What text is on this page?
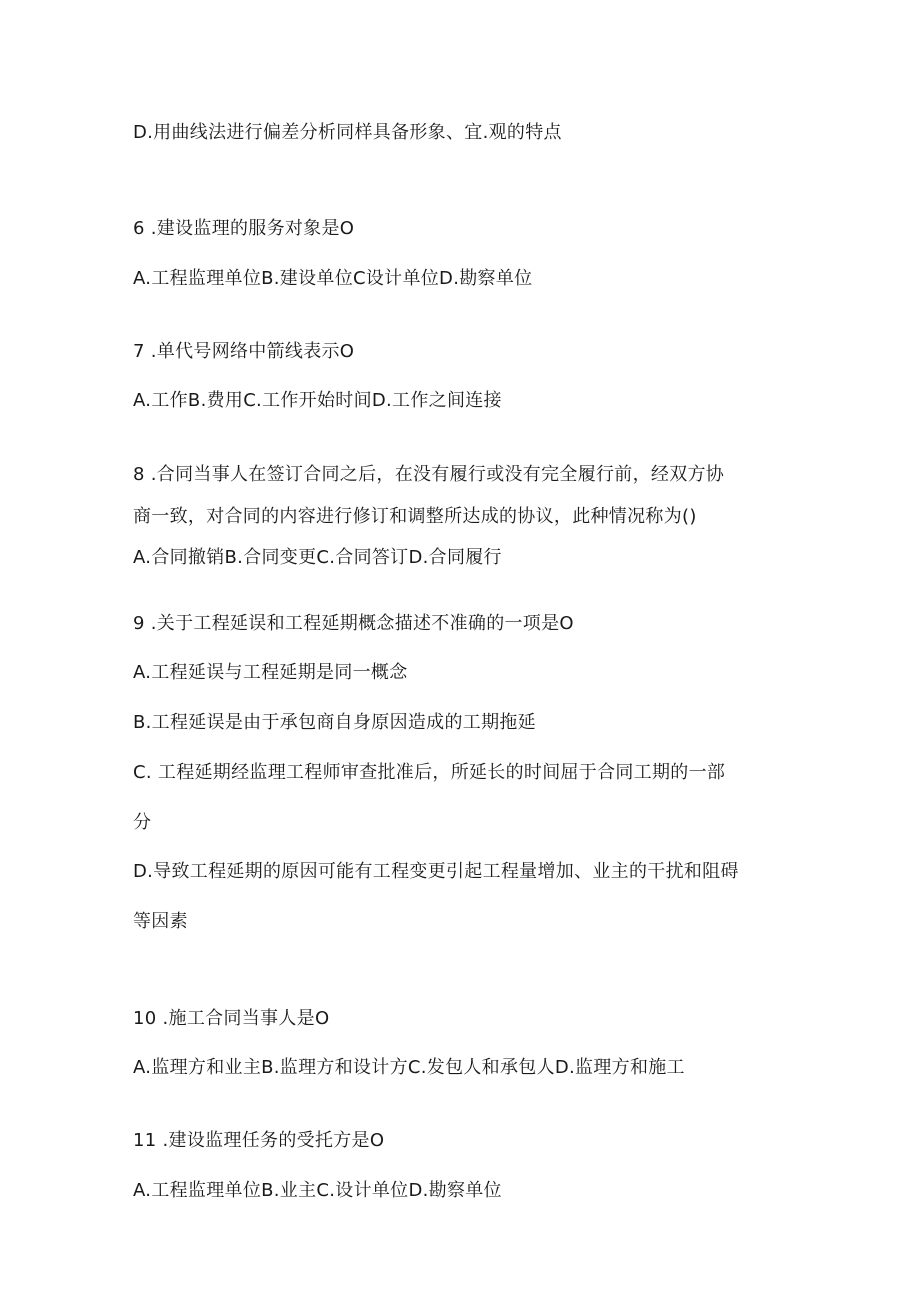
D.用曲线法进行偏差分析同样具备形象、宜.观的特点
6 .建设监理的服务对象是O
A.工程监理单位B.建设单位C设计单位D.勘察单位
7 .单代号网络中箭线表示O
A.工作B.费用C.工作开始时间D.工作之间连接
8 .合同当事人在签订合同之后，在没有履行或没有完全履行前，经双方协
商一致，对合同的内容进行修订和调整所达成的协议，此种情况称为()
A.合同撤销B.合同变更C.合同答订D.合同履行
9 .关于工程延误和工程延期概念描述不准确的一项是O
A.工程延误与工程延期是同一概念
B.工程延误是由于承包商自身原因造成的工期拖延
C. 工程延期经监理工程师审查批准后，所延长的时间屈于合同工期的一部
分
D.导致工程延期的原因可能有工程变更引起工程量增加、业主的干扰和阻碍
等因素
10 .施工合同当事人是O
A.监理方和业主B.监理方和设计方C.发包人和承包人D.监理方和施工
11 .建设监理任务的受托方是O
A.工程监理单位B.业主C.设计单位D.勘察单位
